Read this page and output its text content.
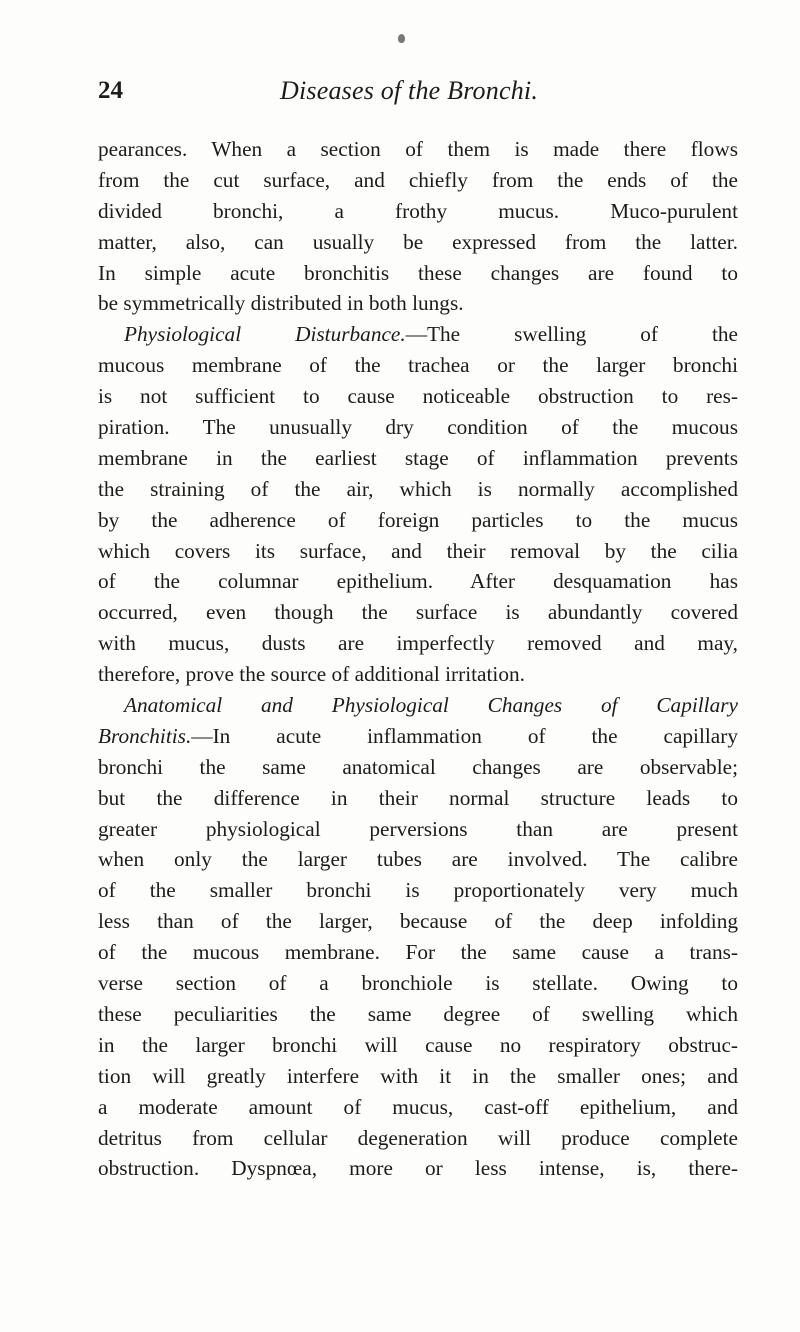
24	Diseases of the Bronchi.
pearances. When a section of them is made there flows
from the cut surface, and chiefly from the ends of the
divided bronchi, a frothy mucus. Muco-purulent
matter, also, can usually be expressed from the latter.
In simple acute bronchitis these changes are found to
be symmetrically distributed in both lungs.
Physiological Disturbance.—The swelling of the
mucous membrane of the trachea or the larger bronchi
is not sufficient to cause noticeable obstruction to res-
piration. The unusually dry condition of the mucous
membrane in the earliest stage of inflammation prevents
the straining of the air, which is normally accomplished
by the adherence of foreign particles to the mucus
which covers its surface, and their removal by the cilia
of the columnar epithelium. After desquamation has
occurred, even though the surface is abundantly covered
with mucus, dusts are imperfectly removed and may,
therefore, prove the source of additional irritation.
Anatomical and Physiological Changes of Capillary
Bronchitis.—In acute inflammation of the capillary
bronchi the same anatomical changes are observable;
but the difference in their normal structure leads to
greater physiological perversions than are present
when only the larger tubes are involved. The calibre
of the smaller bronchi is proportionately very much
less than of the larger, because of the deep infolding
of the mucous membrane. For the same cause a trans-
verse section of a bronchiole is stellate. Owing to
these peculiarities the same degree of swelling which
in the larger bronchi will cause no respiratory obstruc-
tion will greatly interfere with it in the smaller ones; and
a moderate amount of mucus, cast-off epithelium, and
detritus from cellular degeneration will produce complete
obstruction. Dyspnœa, more or less intense, is, there-
